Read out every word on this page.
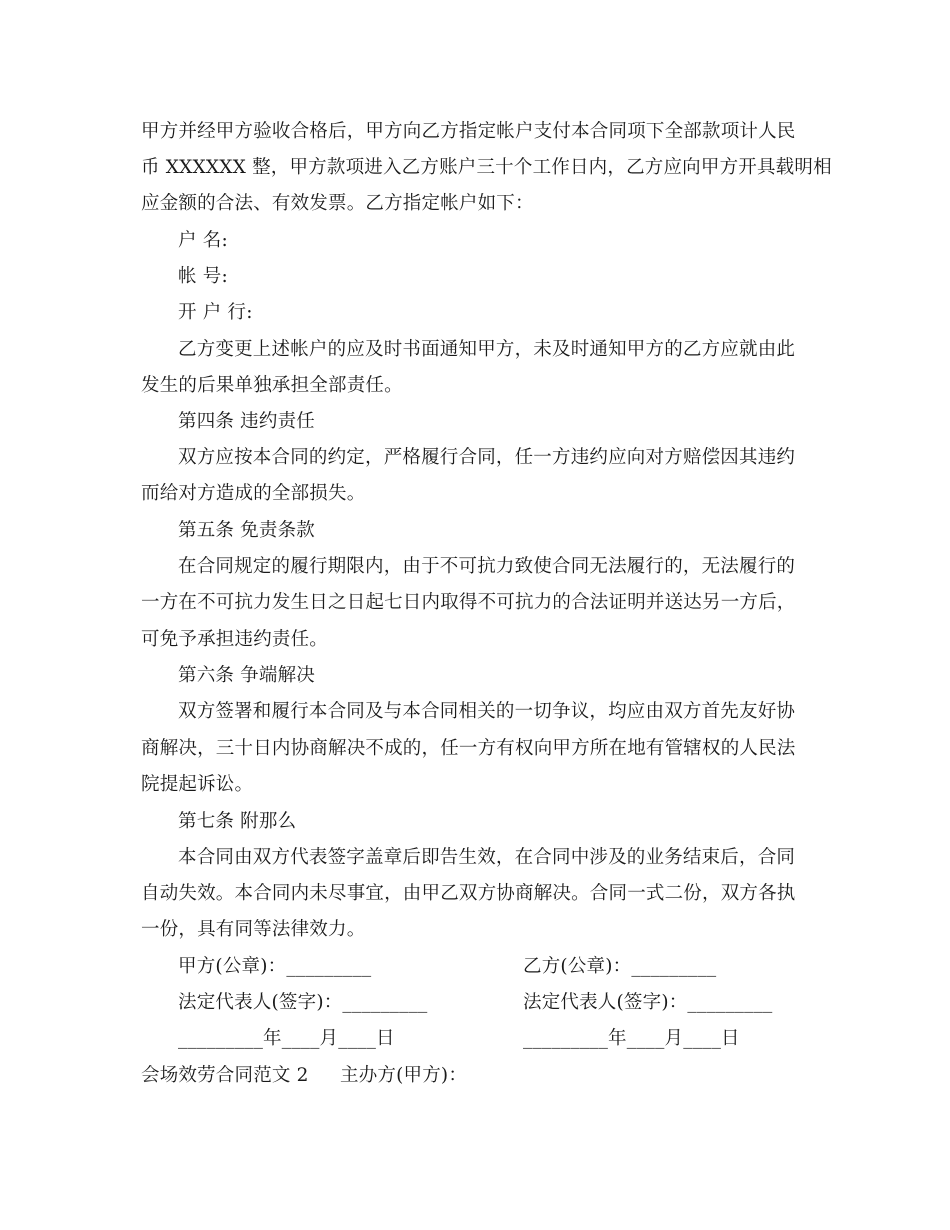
甲方并经甲方验收合格后，甲方向乙方指定帐户支付本合同项下全部款项计人民
币 XXXXXX 整，甲方款项进入乙方账户三十个工作日内，乙方应向甲方开具载明相
应金额的合法、有效发票。乙方指定帐户如下：
户 名:
帐 号:
开 户 行:
乙方变更上述帐户的应及时书面通知甲方，未及时通知甲方的乙方应就由此
发生的后果单独承担全部责任。
第四条 违约责任
双方应按本合同的约定，严格履行合同，任一方违约应向对方赔偿因其违约
而给对方造成的全部损失。
第五条 免责条款
在合同规定的履行期限内，由于不可抗力致使合同无法履行的，无法履行的
一方在不可抗力发生日之日起七日内取得不可抗力的合法证明并送达另一方后，
可免予承担违约责任。
第六条 争端解决
双方签署和履行本合同及与本合同相关的一切争议，均应由双方首先友好协
商解决，三十日内协商解决不成的，任一方有权向甲方所在地有管辖权的人民法
院提起诉讼。
第七条 附那么
本合同由双方代表签字盖章后即告生效，在合同中涉及的业务结束后，合同
自动失效。本合同内未尽事宜，由甲乙双方协商解决。合同一式二份，双方各执
一份，具有同等法律效力。
甲方(公章)：_________	乙方(公章)：_________
法定代表人(签字)：_________	法定代表人(签字)：_________
_________年____月____日	_________年____月____日
会场效劳合同范文 2 主办方(甲方)：
